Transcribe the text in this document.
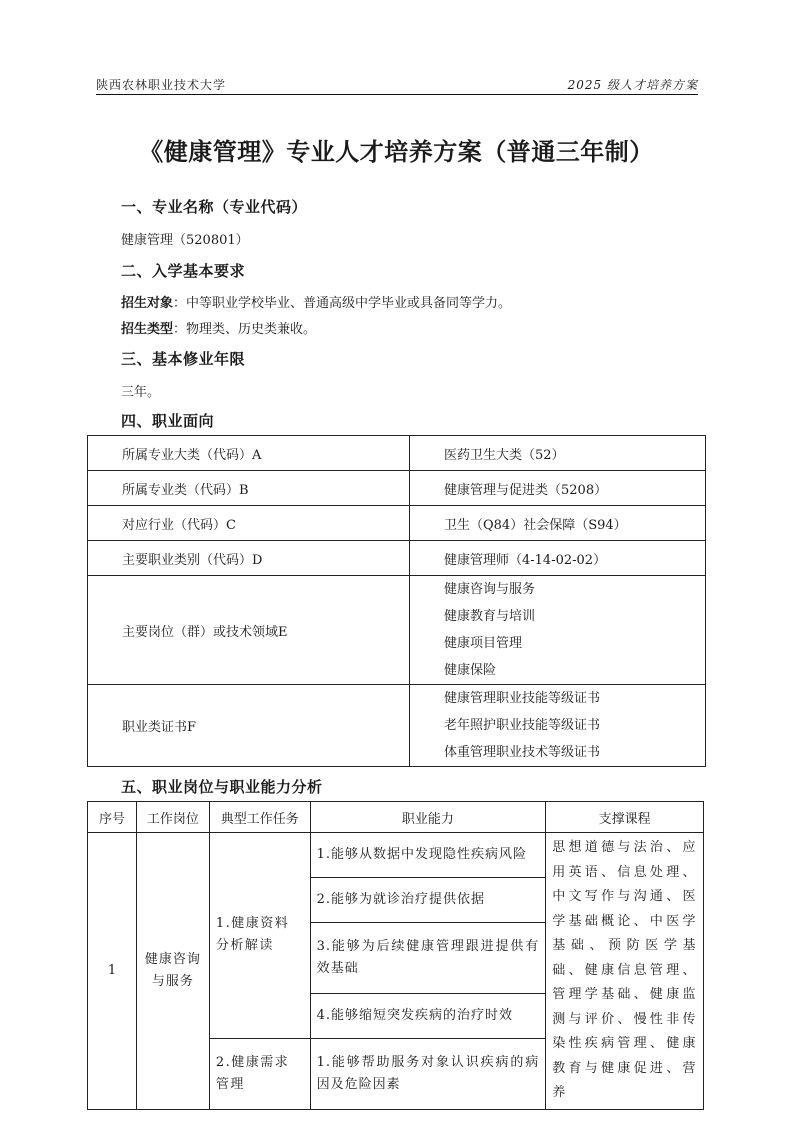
陕西农林职业技术大学	2025 级人才培养方案
《健康管理》专业人才培养方案（普通三年制）
一、专业名称（专业代码）
健康管理（520801）
二、入学基本要求
招生对象：中等职业学校毕业、普通高级中学毕业或具备同等学力。
招生类型：物理类、历史类兼收。
三、基本修业年限
三年。
四、职业面向
所属专业大类（代码）A	医药卫生大类（52）
所属专业类（代码）B	健康管理与促进类（5208）
对应行业（代码）C	卫生（Q84）社会保障（S94）
主要职业类别（代码）D	健康管理师（4-14-02-02）
主要岗位（群）或技术领域E	健康咨询与服务
健康教育与培训
健康项目管理
健康保险

职业类证书F	健康管理职业技能等级证书
老年照护职业技能等级证书
体重管理职业技术等级证书
五、职业岗位与职业能力分析
序号	工作岗位	典型工作任务	职业能力	支撑课程
1	健康咨询与服务	1.健康资料分析解读	1.能够从数据中发现隐性疾病风险	思想道德与法治、应用英语、信息处理、中文写作与沟通、医学基础概论、中医学基础、预防医学基础、健康信息管理、管理学基础、健康监测与评价、慢性非传染性疾病管理、健康教育与健康促进、营养
			2.能够为就诊治疗提供依据	
			3.能够为后续健康管理跟进提供有效基础	
			4.能够缩短突发疾病的治疗时效	
		2.健康需求管理	1.能够帮助服务对象认识疾病的病因及危险因素	
